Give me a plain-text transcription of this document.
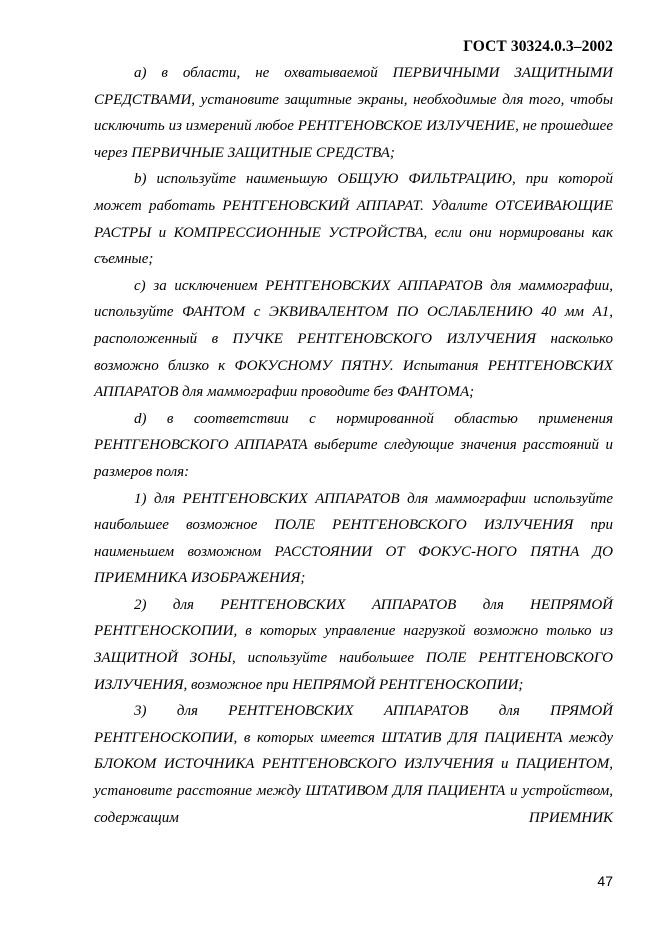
ГОСТ 30324.0.3–2002

a) в области, не охватываемой ПЕРВИЧНЫМИ ЗАЩИТНЫМИ СРЕДСТВАМИ, установите защитные экраны, необходимые для того, чтобы исключить из измерений любое РЕНТГЕНОВСКОЕ ИЗЛУЧЕНИЕ, не прошедшее через ПЕРВИЧНЫЕ ЗАЩИТНЫЕ СРЕДСТВА;

b) используйте наименьшую ОБЩУЮ ФИЛЬТРАЦИЮ, при которой может работать РЕНТГЕНОВСКИЙ АППАРАТ. Удалите ОТСЕИВАЮЩИЕ РАСТРЫ и КОМПРЕССИОННЫЕ УСТРОЙСТВА, если они нормированы как съемные;

c) за исключением РЕНТГЕНОВСКИХ АППАРАТОВ для маммографии, используйте ФАНТОМ с ЭКВИВАЛЕНТОМ ПО ОСЛАБЛЕНИЮ 40 мм А1, расположенный в ПУЧКЕ РЕНТГЕНОВСКОГО ИЗЛУЧЕНИЯ насколько возможно близко к ФОКУСНОМУ ПЯТНУ. Испытания РЕНТГЕНОВСКИХ АППАРАТОВ для маммографии проводите без ФАНТОМА;

d) в соответствии с нормированной областью применения РЕНТГЕНОВСКОГО АППАРАТА выберите следующие значения расстояний и размеров поля:

1) для РЕНТГЕНОВСКИХ АППАРАТОВ для маммографии используйте наибольшее возможное ПОЛЕ РЕНТГЕНОВСКОГО ИЗЛУЧЕНИЯ при наименьшем возможном РАССТОЯНИИ ОТ ФОКУС-НОГО ПЯТНА ДО ПРИЕМНИКА ИЗОБРАЖЕНИЯ;

2) для РЕНТГЕНОВСКИХ АППАРАТОВ для НЕПРЯМОЙ РЕНТГЕНОСКОПИИ, в которых управление нагрузкой возможно только из ЗАЩИТНОЙ ЗОНЫ, используйте наибольшее ПОЛЕ РЕНТГЕНОВСКОГО ИЗЛУЧЕНИЯ, возможное при НЕПРЯМОЙ РЕНТГЕНОСКОПИИ;

3) для РЕНТГЕНОВСКИХ АППАРАТОВ для ПРЯМОЙ РЕНТГЕНОСКОПИИ, в которых имеется ШТАТИВ ДЛЯ ПАЦИЕНТА между БЛОКОМ ИСТОЧНИКА РЕНТГЕНОВСКОГО ИЗЛУЧЕНИЯ и ПАЦИЕНТОМ, установите расстояние между ШТАТИВОМ ДЛЯ ПАЦИЕНТА и устройством, содержащим ПРИЕМНИК

47
